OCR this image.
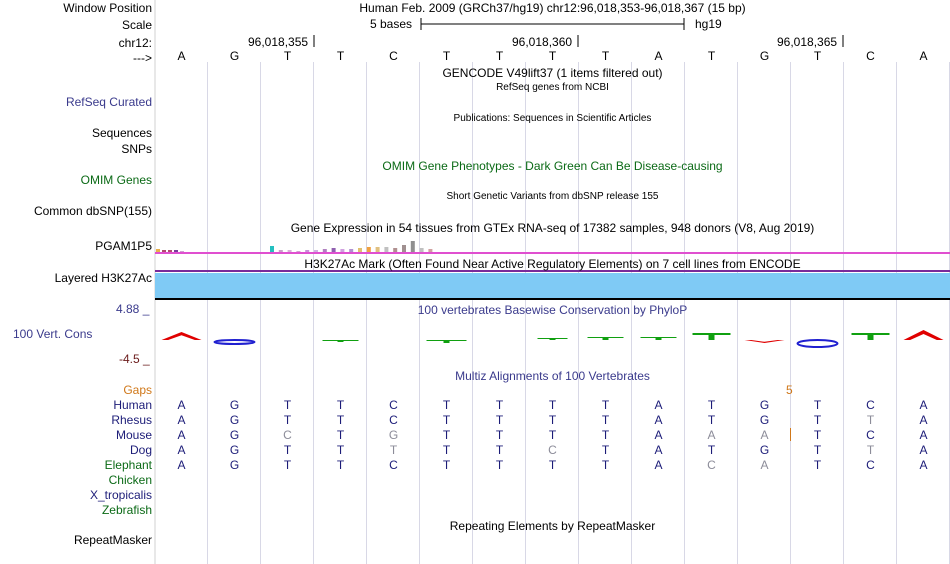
Window Position	Human Feb. 2009 (GRCh37/hg19) chr12:96,018,353-96,018,367 (15 bp)
Scale	5 bases	hg19
chr12:	96,018,355	96,018,360	96,018,365
--->	A	G	T	T	C	T	T	T	T	A	T	G	T	C	A
GENCODE V49lift37 (1 items filtered out)
RefSeq genes from NCBI
RefSeq Curated
Publications: Sequences in Scientific Articles
Sequences
SNPs
OMIM Gene Phenotypes - Dark Green Can Be Disease-causing
OMIM Genes
Short Genetic Variants from dbSNP release 155
Common dbSNP(155)
Gene Expression in 54 tissues from GTEx RNA-seq of 17382 samples, 948 donors (V8, Aug 2019)
PGAM1P5
H3K27Ac Mark (Often Found Near Active Regulatory Elements) on 7 cell lines from ENCODE
Layered H3K27Ac
100 vertebrates Basewise Conservation by PhyloP
4.88 _
100 Vert. Cons
-4.5 _
Multiz Alignments of 100 Vertebrates
Gaps	5
Human	A	G	T	T	C	T	T	T	T	A	T	G	T	C	A
Rhesus	A	G	T	T	C	T	T	T	T	A	T	G	T	T	A
Mouse	A	G	C	T	G	T	T	T	T	A	A	A	T	C	A
Dog	A	G	T	T	T	T	T	C	T	A	T	G	T	T	A
Elephant	A	G	T	T	C	T	T	T	T	A	C	A	T	C	A
Chicken
X_tropicalis
Zebrafish
Repeating Elements by RepeatMasker
RepeatMasker
